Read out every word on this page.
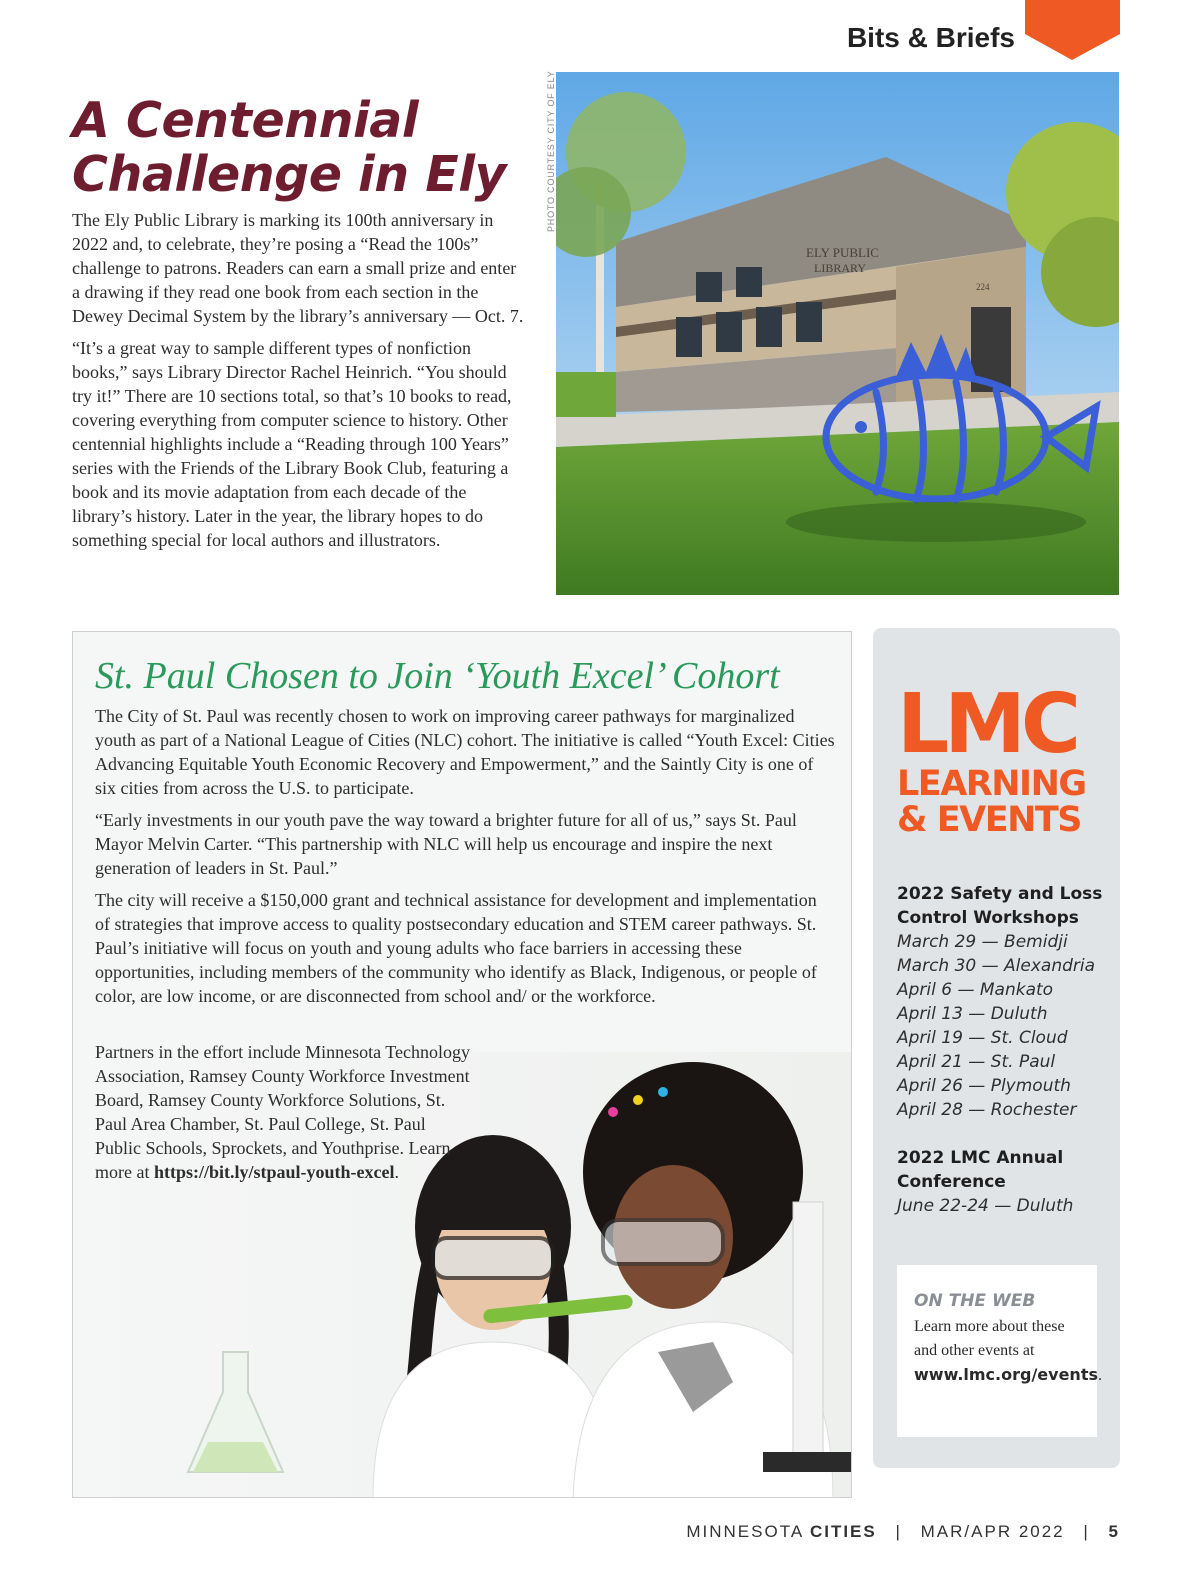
Bits & Briefs
A Centennial
Challenge in Ely

The Ely Public Library is marking its 100th anniversary in 2022 and, to celebrate, they’re posing a “Read the 100s” challenge to patrons. Readers can earn a small prize and enter a drawing if they read one book from each section in the Dewey Decimal System by the library’s anniversary — Oct. 7.

“It’s a great way to sample different types of nonfiction books,” says Library Director Rachel Heinrich. “You should try it!” There are 10 sections total, so that’s 10 books to read, covering everything from computer science to history. Other centennial highlights include a “Reading through 100 Years” series with the Friends of the Library Book Club, featuring a book and its movie adaptation from each decade of the library’s history. Later in the year, the library hopes to do something special for local authors and illustrators.

PHOTO COURTESY CITY OF ELY
ELY PUBLIC
LIBRARY
224
St. Paul Chosen to Join ‘Youth Excel’ Cohort

The City of St. Paul was recently chosen to work on improving career pathways for marginalized youth as part of a National League of Cities (NLC) cohort. The initiative is called “Youth Excel: Cities Advancing Equitable Youth Economic Recovery and Empowerment,” and the Saintly City is one of six cities from across the U.S. to participate.

“Early investments in our youth pave the way toward a brighter future for all of us,” says St. Paul Mayor Melvin Carter. “This partnership with NLC will help us encourage and inspire the next generation of leaders in St. Paul.”

The city will receive a $150,000 grant and technical assistance for development and implementation of strategies that improve access to quality postsecondary education and STEM career pathways. St. Paul’s initiative will focus on youth and young adults who face barriers in accessing these opportunities, including members of the community who identify as Black, Indigenous, or people of color, are low income, or are disconnected from school and/ or the workforce.

Partners in the effort include Minnesota Technology Association, Ramsey County Workforce Investment Board, Ramsey County Workforce Solutions, St. Paul Area Chamber, St. Paul College, St. Paul Public Schools, Sprockets, and Youthprise. Learn more at https://bit.ly/stpaul-youth-excel.
LMC
LEARNING
& EVENTS
2022 Safety and Loss
Control Workshops
March 29 — Bemidji
March 30 — Alexandria
April 6 — Mankato
April 13 — Duluth
April 19 — St. Cloud
April 21 — St. Paul
April 26 — Plymouth
April 28 — Rochester
2022 LMC Annual
Conference
June 22-24 — Duluth
ON THE WEB
Learn more about these and other events at www.lmc.org/events.
MINNESOTA CITIES | MAR/APR 2022 | 5
